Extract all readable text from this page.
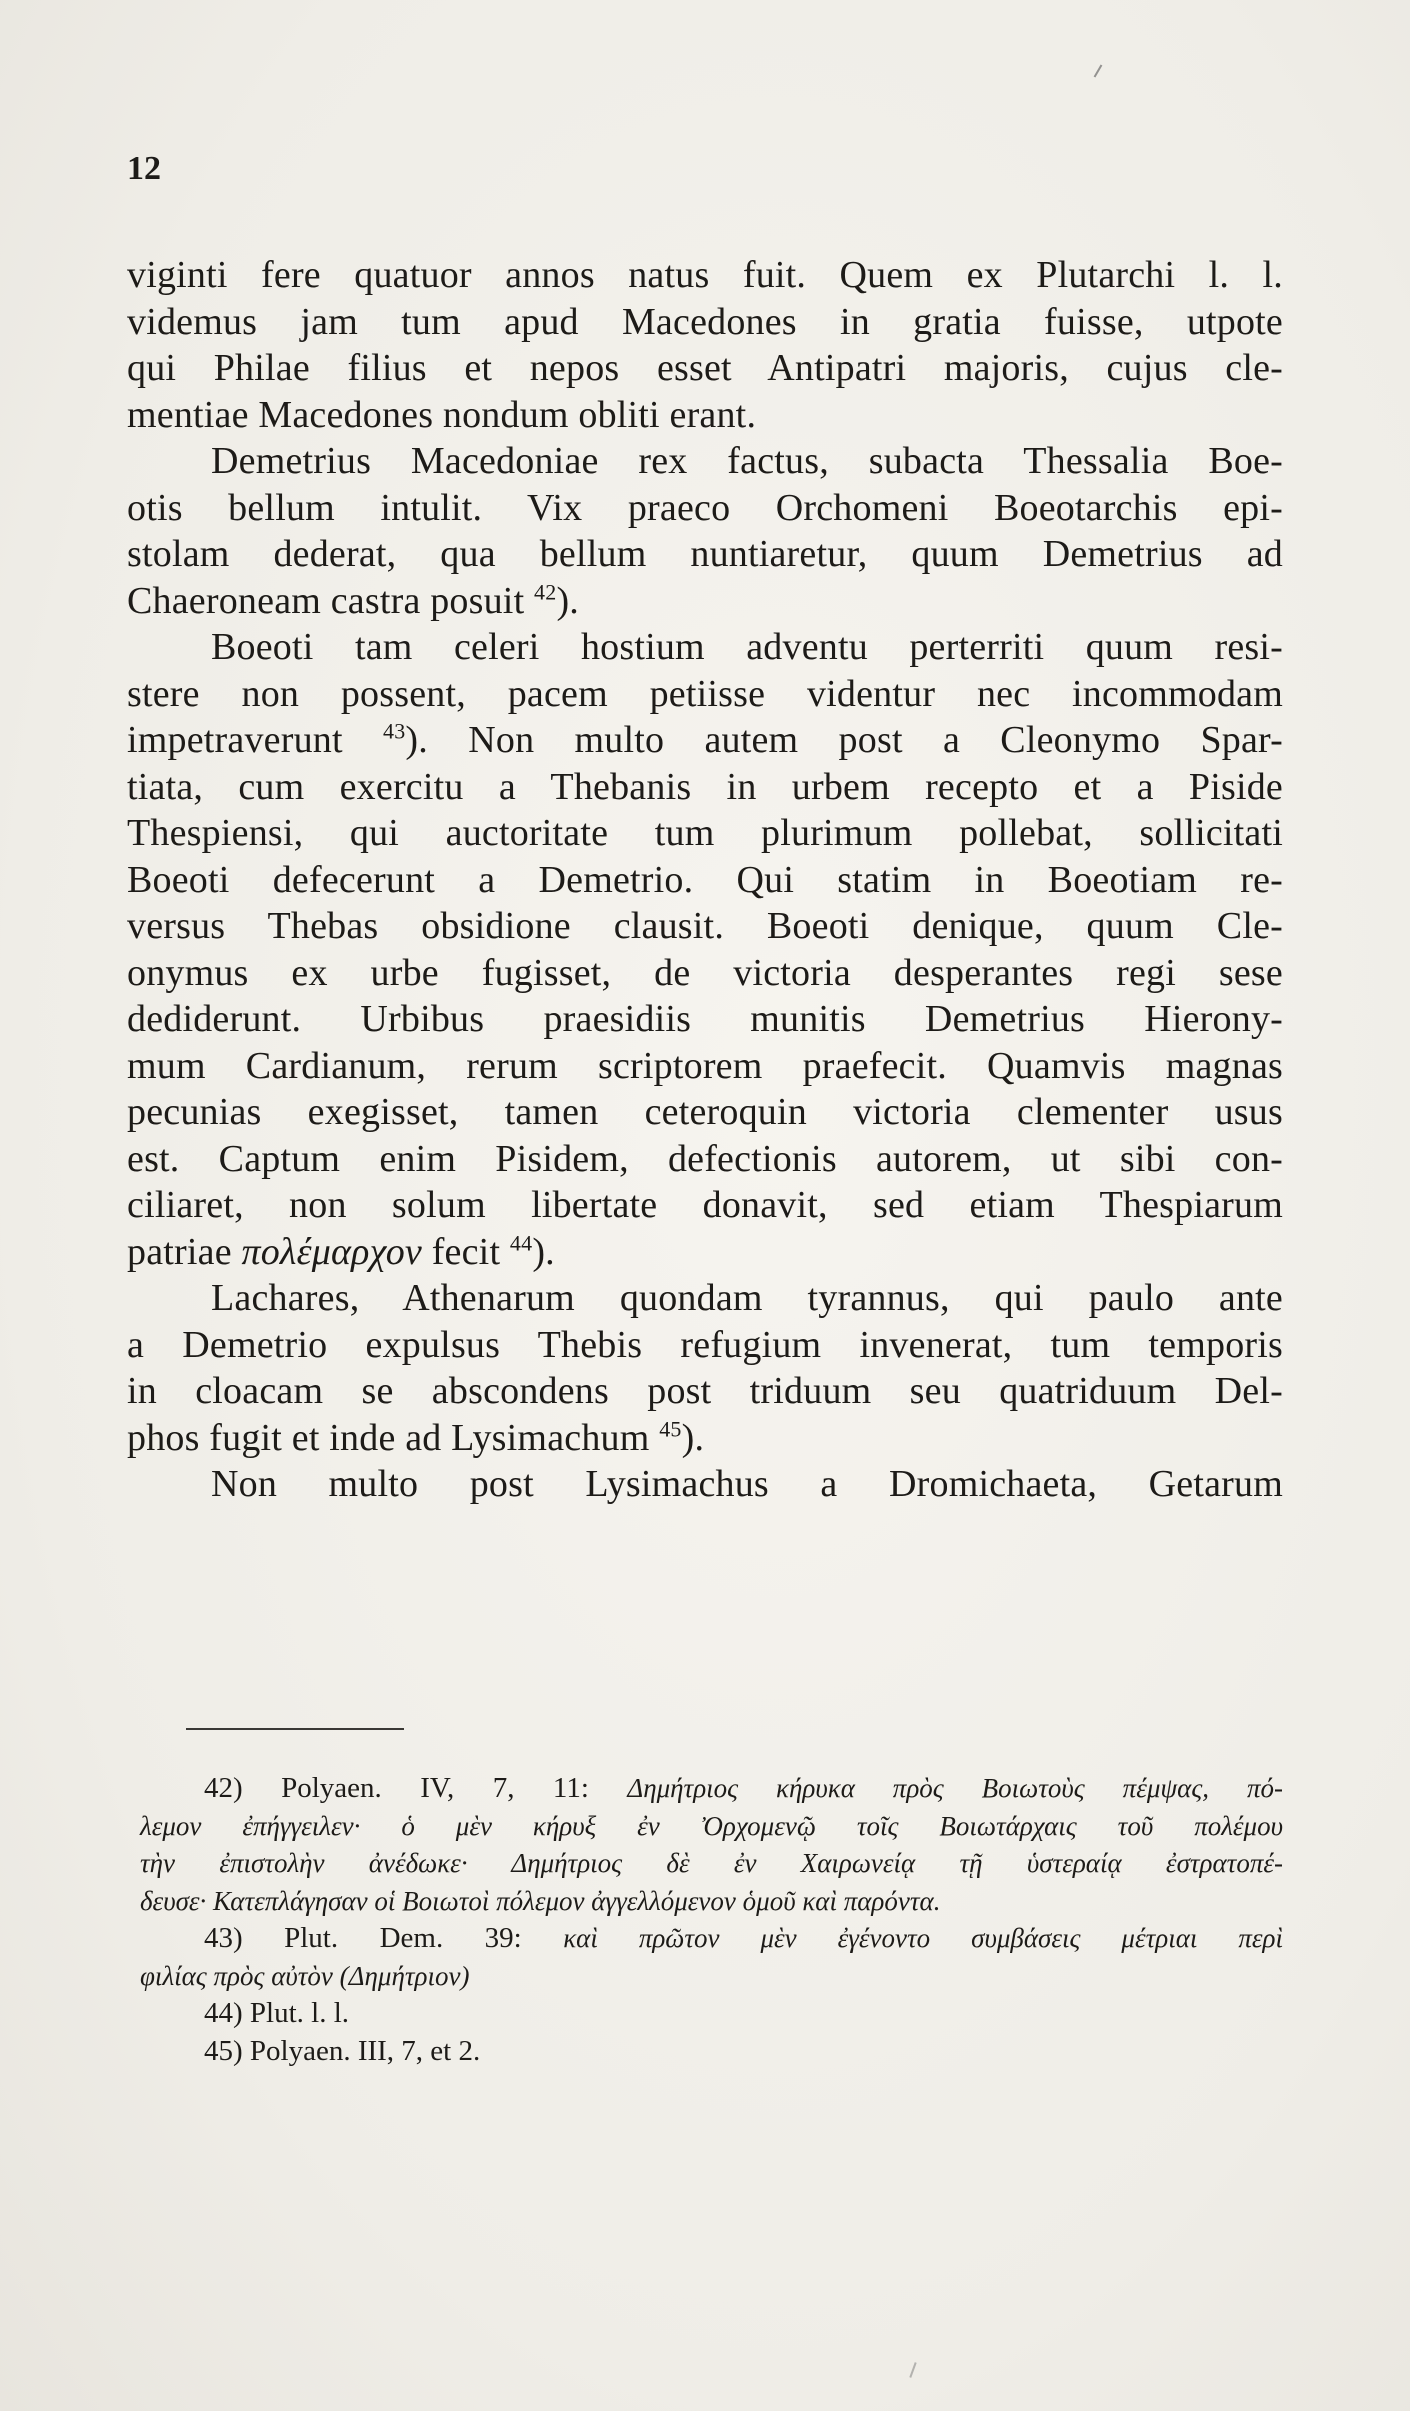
12
viginti fere quatuor annos natus fuit. Quem ex Plutarchi l. l.
videmus jam tum apud Macedones in gratia fuisse, utpote
qui Philae filius et nepos esset Antipatri majoris, cujus cle-
mentiae Macedones nondum obliti erant.
Demetrius Macedoniae rex factus, subacta Thessalia Boe-
otis bellum intulit. Vix praeco Orchomeni Boeotarchis epi-
stolam dederat, qua bellum nuntiaretur, quum Demetrius ad
Chaeroneam castra posuit $^{42}$).
Boeoti tam celeri hostium adventu perterriti quum resi-
stere non possent, pacem petiisse videntur nec incommodam
impetraverunt $^{43}$). Non multo autem post a Cleonymo Spar-
tiata, cum exercitu a Thebanis in urbem recepto et a Piside
Thespiensi, qui auctoritate tum plurimum pollebat, sollicitati
Boeoti defecerunt a Demetrio. Qui statim in Boeotiam re-
versus Thebas obsidione clausit. Boeoti denique, quum Cle-
onymus ex urbe fugisset, de victoria desperantes regi sese
dediderunt. Urbibus praesidiis munitis Demetrius Hierony-
mum Cardianum, rerum scriptorem praefecit. Quamvis magnas
pecunias exegisset, tamen ceteroquin victoria clementer usus
est. Captum enim Pisidem, defectionis autorem, ut sibi con-
ciliaret, non solum libertate donavit, sed etiam Thespiarum
patriae πολέμαρχον fecit $^{44}$).
Lachares, Athenarum quondam tyrannus, qui paulo ante
a Demetrio expulsus Thebis refugium invenerat, tum temporis
in cloacam se abscondens post triduum seu quatriduum Del-
phos fugit et inde ad Lysimachum $^{45}$).
Non multo post Lysimachus a Dromichaeta, Getarum
42) Polyaen. IV, 7, 11: Δημήτριος κήρυκα πρὸς Βοιωτοὺς πέμψας, πό-
λεμον ἐπήγγειλεν· ὁ μὲν κήρυξ ἐν Ὀρχομενῷ τοῖς Βοιωτάρχαις τοῦ πολέμου
τὴν ἐπιστολὴν ἀνέδωκε· Δημήτριος δὲ ἐν Χαιρωνείᾳ τῇ ὑστεραίᾳ ἐστρατοπέ-
δευσε· Κατεπλάγησαν οἱ Βοιωτοὶ πόλεμον ἀγγελλόμενον ὁμοῦ καὶ παρόντα.
43) Plut. Dem. 39: καὶ πρῶτον μὲν ἐγένοντο συμβάσεις μέτριαι περὶ
φιλίας πρὸς αὐτὸν (Δημήτριον)
44) Plut. l. l.
45) Polyaen. III, 7, et 2.
